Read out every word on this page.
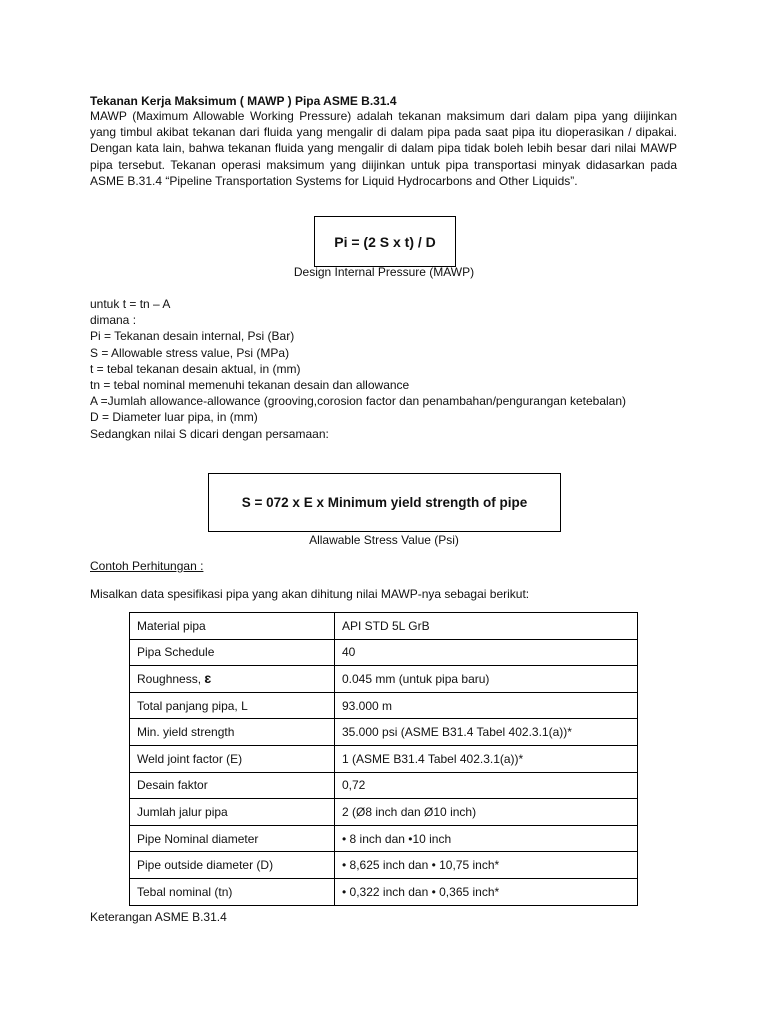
Tekanan Kerja Maksimum ( MAWP ) Pipa ASME B.31.4
MAWP (Maximum Allowable Working Pressure) adalah tekanan maksimum dari dalam pipa yang diijinkan yang timbul akibat tekanan dari fluida yang mengalir di dalam pipa pada saat pipa itu dioperasikan / dipakai. Dengan kata lain, bahwa tekanan fluida yang mengalir di dalam pipa tidak boleh lebih besar dari nilai MAWP pipa tersebut. Tekanan operasi maksimum yang diijinkan untuk pipa transportasi minyak didasarkan pada ASME B.31.4 “Pipeline Transportation Systems for Liquid Hydrocarbons and Other Liquids”.
Pi = (2 S x t) / D
Design Internal Pressure (MAWP)
untuk t = tn – A
dimana :
Pi = Tekanan desain internal, Psi (Bar)
S = Allowable stress value, Psi (MPa)
t = tebal tekanan desain aktual, in (mm)
tn = tebal nominal memenuhi tekanan desain dan allowance
A =Jumlah allowance-allowance (grooving,corosion factor dan penambahan/pengurangan ketebalan)
D = Diameter luar pipa, in (mm)
Sedangkan nilai S dicari dengan persamaan:
S = 072 x E x Minimum yield strength of pipe
Allawable Stress Value (Psi)
Contoh Perhitungan :
Misalkan data spesifikasi pipa yang akan dihitung nilai MAWP-nya sebagai berikut:
Material pipa	API STD 5L GrB
Pipa Schedule	40
Roughness, ɛ	0.045 mm (untuk pipa baru)
Total panjang pipa, L	93.000 m
Min. yield strength	35.000 psi (ASME B31.4 Tabel 402.3.1(a))*
Weld joint factor (E)	1 (ASME B31.4 Tabel 402.3.1(a))*
Desain faktor	0,72
Jumlah jalur pipa	2 (Ø8 inch dan Ø10 inch)
Pipe Nominal diameter	• 8 inch dan •10 inch
Pipe outside diameter (D)	• 8,625 inch dan • 10,75 inch*
Tebal nominal (tn)	• 0,322 inch dan • 0,365 inch*
Keterangan ASME B.31.4
